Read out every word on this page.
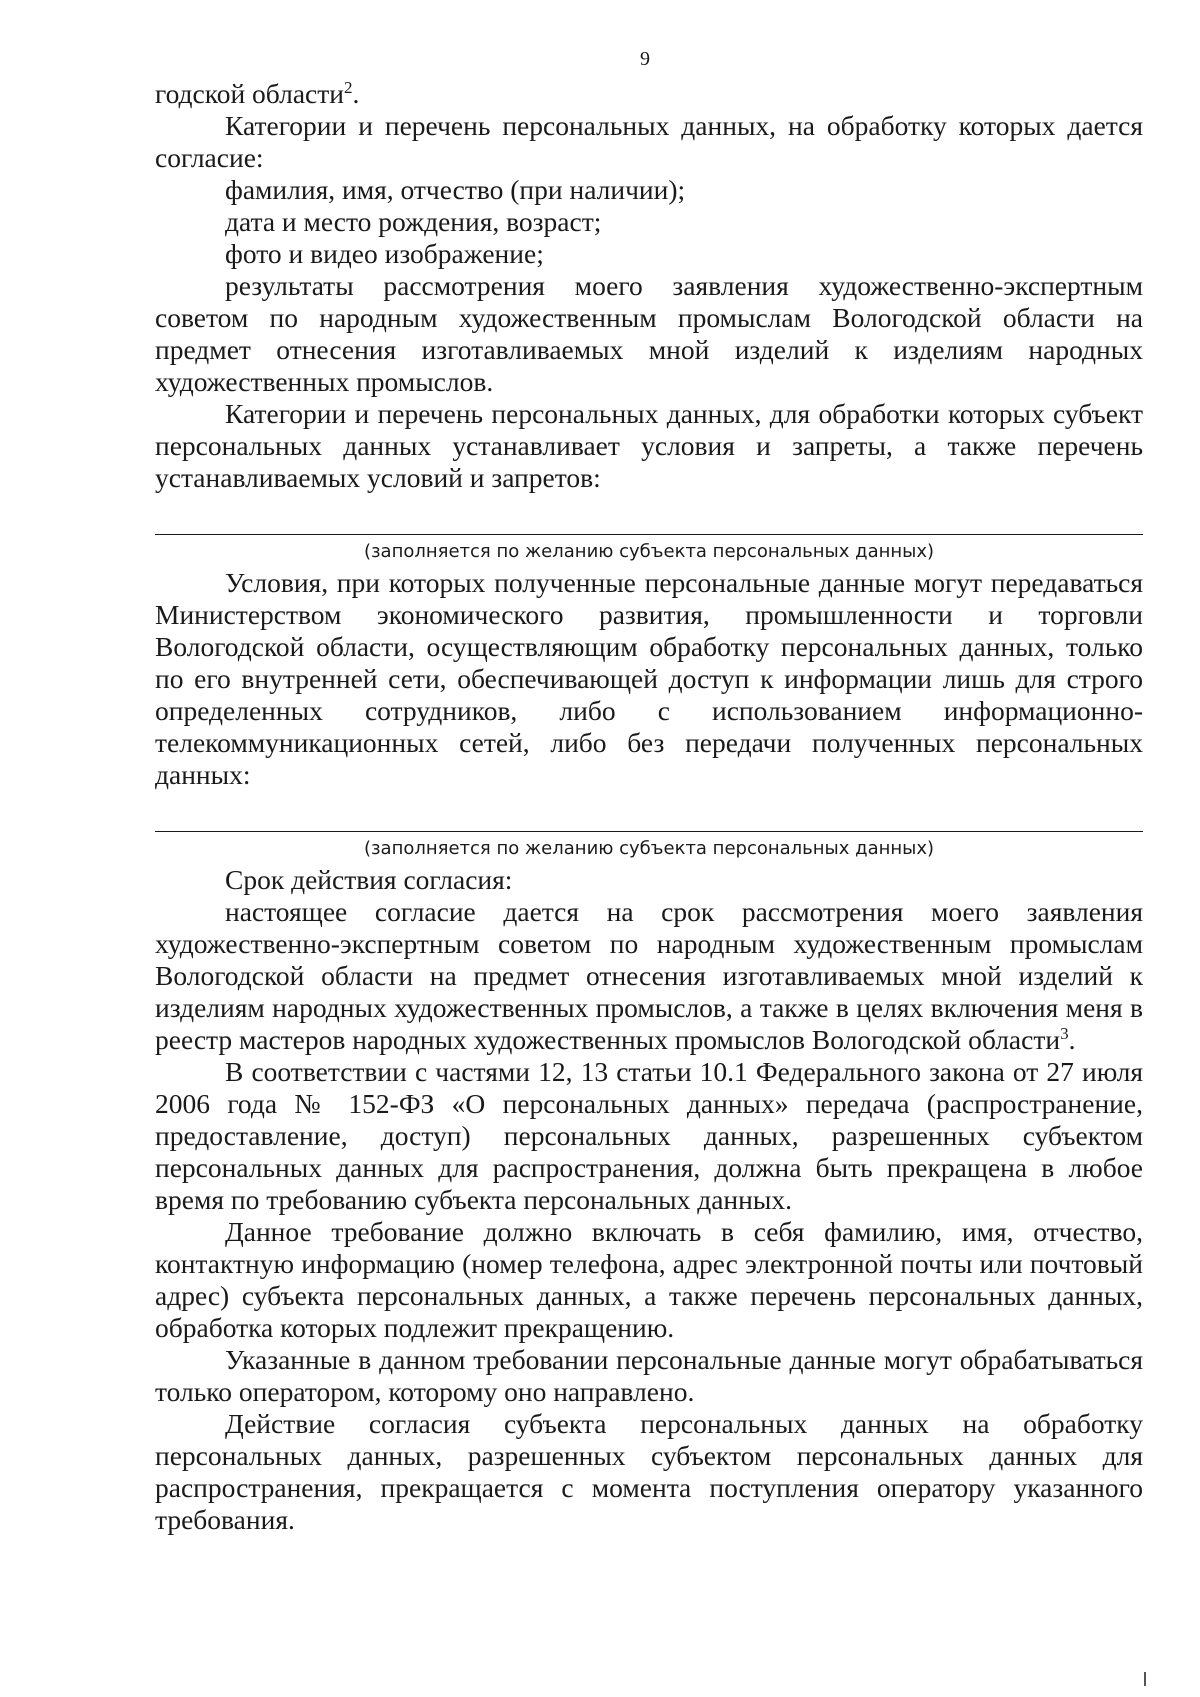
9

годской области$^2$.

Категории и перечень персональных данных, на обработку которых дается согласие:

фамилия, имя, отчество (при наличии);

дата и место рождения, возраст;

фото и видео изображение;

результаты рассмотрения моего заявления художественно-экспертным советом по народным художественным промыслам Вологодской области на предмет отнесения изготавливаемых мной изделий к изделиям народных художественных промыслов.

Категории и перечень персональных данных, для обработки которых субъект персональных данных устанавливает условия и запреты, а также перечень устанавливаемых условий и запретов:

(заполняется по желанию субъекта персональных данных)

Условия, при которых полученные персональные данные могут передаваться Министерством экономического развития, промышленности и торговли Вологодской области, осуществляющим обработку персональных данных, только по его внутренней сети, обеспечивающей доступ к информации лишь для строго определенных сотрудников, либо с использованием информационно-телекоммуникационных сетей, либо без передачи полученных персональных данных:

(заполняется по желанию субъекта персональных данных)

Срок действия согласия:

настоящее согласие дается на срок рассмотрения моего заявления художественно-экспертным советом по народным художественным промыслам Вологодской области на предмет отнесения изготавливаемых мной изделий к изделиям народных художественных промыслов, а также в целях включения меня в реестр мастеров народных художественных промыслов Вологодской области$^3$.

В соответствии с частями 12, 13 статьи 10.1 Федерального закона от 27 июля 2006 года № 152-ФЗ «О персональных данных» передача (распространение, предоставление, доступ) персональных данных, разрешенных субъектом персональных данных для распространения, должна быть прекращена в любое время по требованию субъекта персональных данных.

Данное требование должно включать в себя фамилию, имя, отчество, контактную информацию (номер телефона, адрес электронной почты или почтовый адрес) субъекта персональных данных, а также перечень персональных данных, обработка которых подлежит прекращению.

Указанные в данном требовании персональные данные могут обрабатываться только оператором, которому оно направлено.

Действие согласия субъекта персональных данных на обработку персональных данных, разрешенных субъектом персональных данных для распространения, прекращается с момента поступления оператору указанного требования.
